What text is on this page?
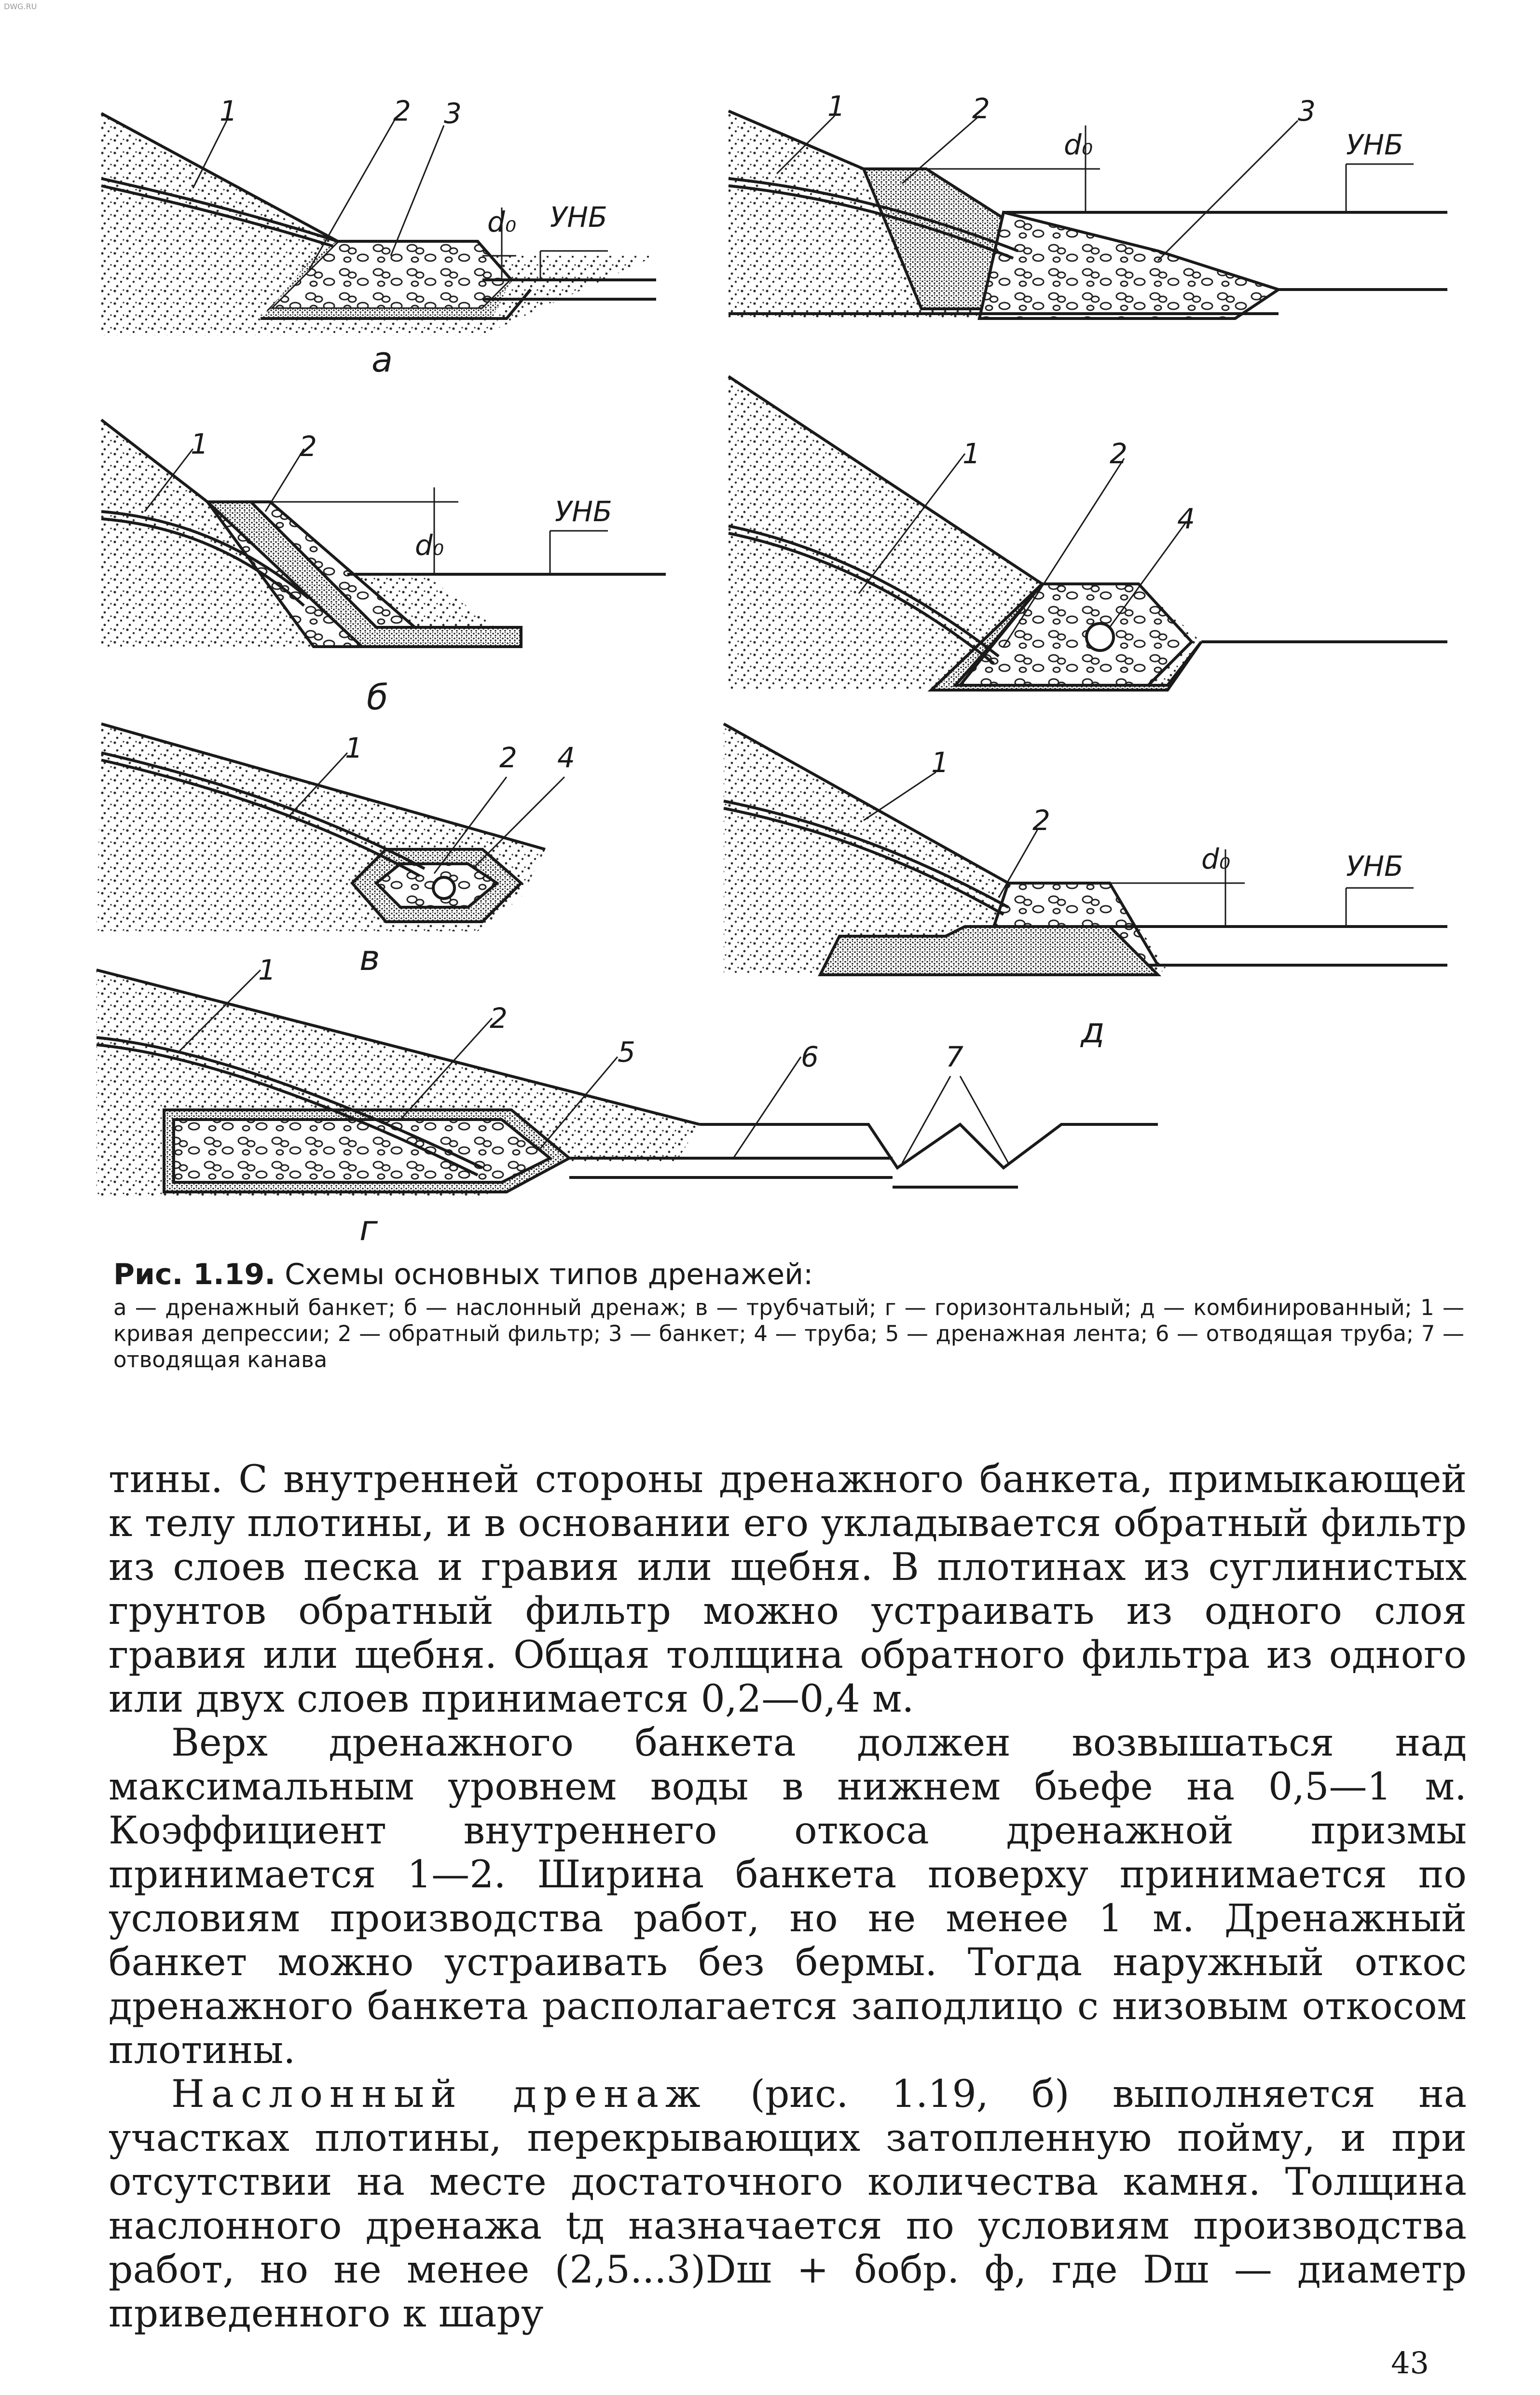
DWG.RU
1	2 3
d₀ УНБ
а
1	2	3
d₀	УНБ
1	2
d₀
УНБ
б
1	2
4
1	2 4
в
1
2
d₀	УНБ
д
1
2
5	6	7
г
Рис. 1.19. Схемы основных типов дренажей:
а — дренажный банкет; б — наслонный дренаж; в — трубчатый; г — горизонтальный; д — комбинированный; 1 — кривая депрессии; 2 — обратный фильтр; 3 — банкет; 4 — труба; 5 — дренажная лента; 6 — отводящая труба; 7 — отводящая канава

тины. С внутренней стороны дренажного банкета, примыкающей к телу плотины, и в основании его укладывается обратный фильтр из слоев песка и гравия или щебня. В плотинах из суглинистых грунтов обратный фильтр можно устраивать из одного слоя гравия или щебня. Общая толщина обратного фильтра из одного или двух слоев принимается 0,2—0,4 м.

Верх дренажного банкета должен возвышаться над максимальным уровнем воды в нижнем бьефе на 0,5—1 м. Коэффициент внутреннего откоса дренажной призмы принимается 1—2. Ширина банкета поверху принимается по условиям производства работ, но не менее 1 м. Дренажный банкет можно устраивать без бермы. Тогда наружный откос дренажного банкета располагается заподлицо с низовым откосом плотины.

Наслонный дренаж (рис. 1.19, б) выполняется на участках плотины, перекрывающих затопленную пойму, и при отсутствии на месте достаточного количества камня. Толщина наслонного дренажа tд назначается по условиям производства работ, но не менее (2,5...3)Dш + δобр. ф, где Dш — диаметр приведенного к шару

43
